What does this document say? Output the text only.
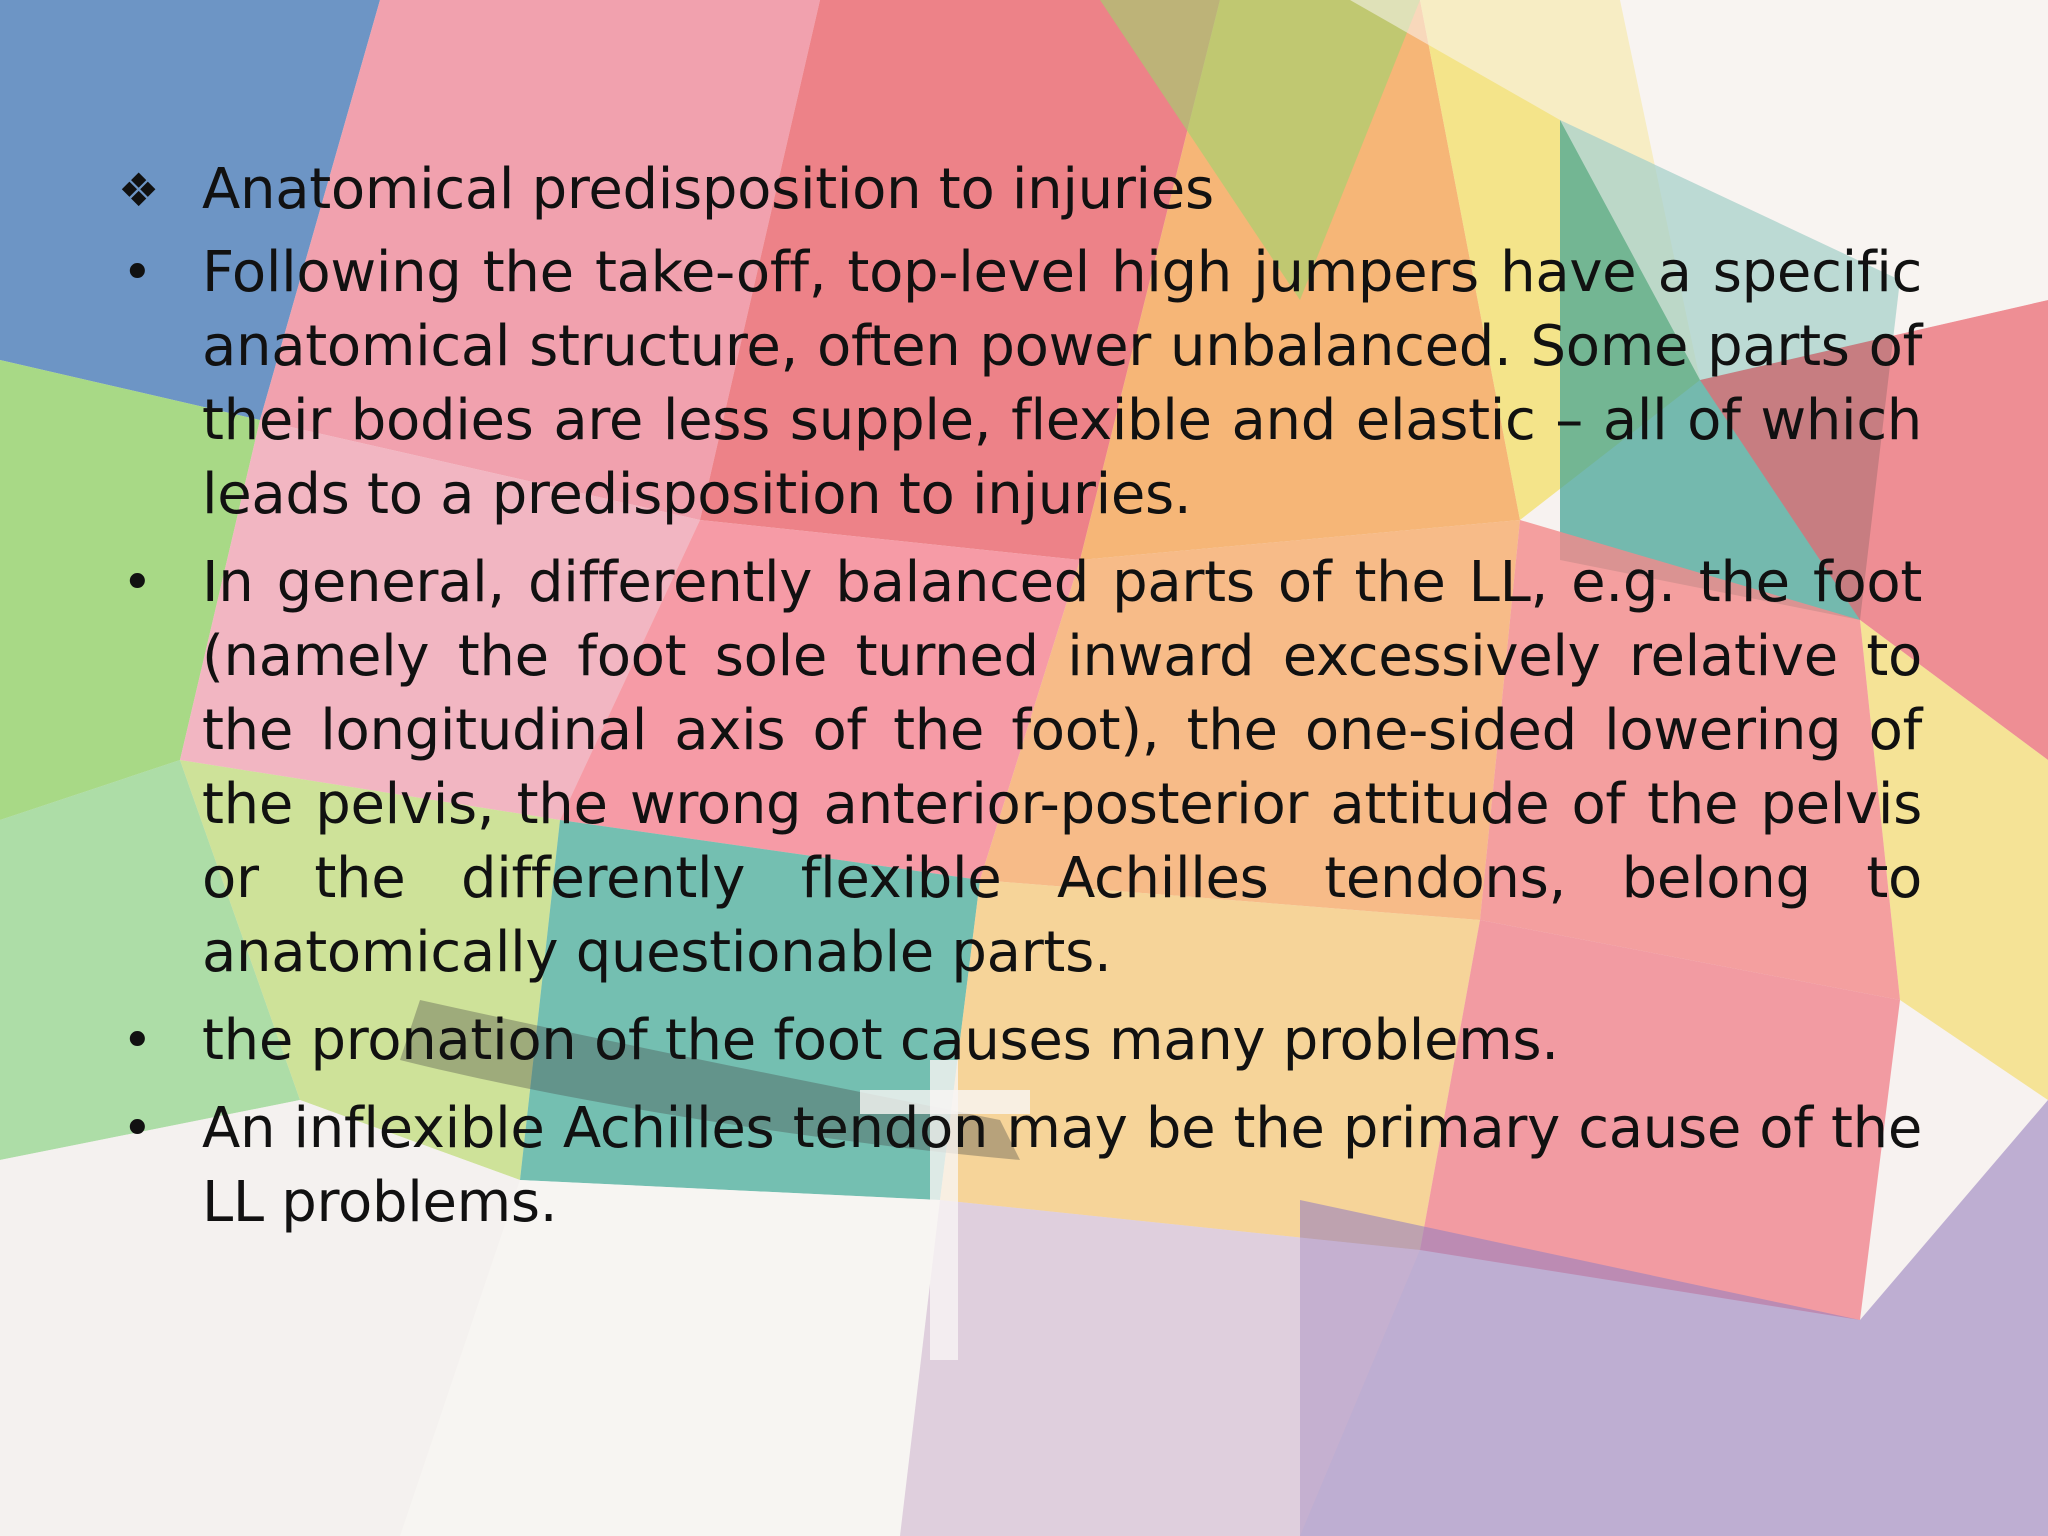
❖ Anatomical predisposition to injuries
• Following the take-off, top-level high jumpers have a specific anatomical structure, often power unbalanced. Some parts of their bodies are less supple, flexible and elastic – all of which leads to a predisposition to injuries.
• In general, differently balanced parts of the LL, e.g. the foot (namely the foot sole turned inward excessively relative to the longitudinal axis of the foot), the one-sided lowering of the pelvis, the wrong anterior-posterior attitude of the pelvis or the differently flexible Achilles tendons, belong to anatomically questionable parts.
• the pronation of the foot causes many problems.
• An inflexible Achilles tendon may be the primary cause of the LL problems.
